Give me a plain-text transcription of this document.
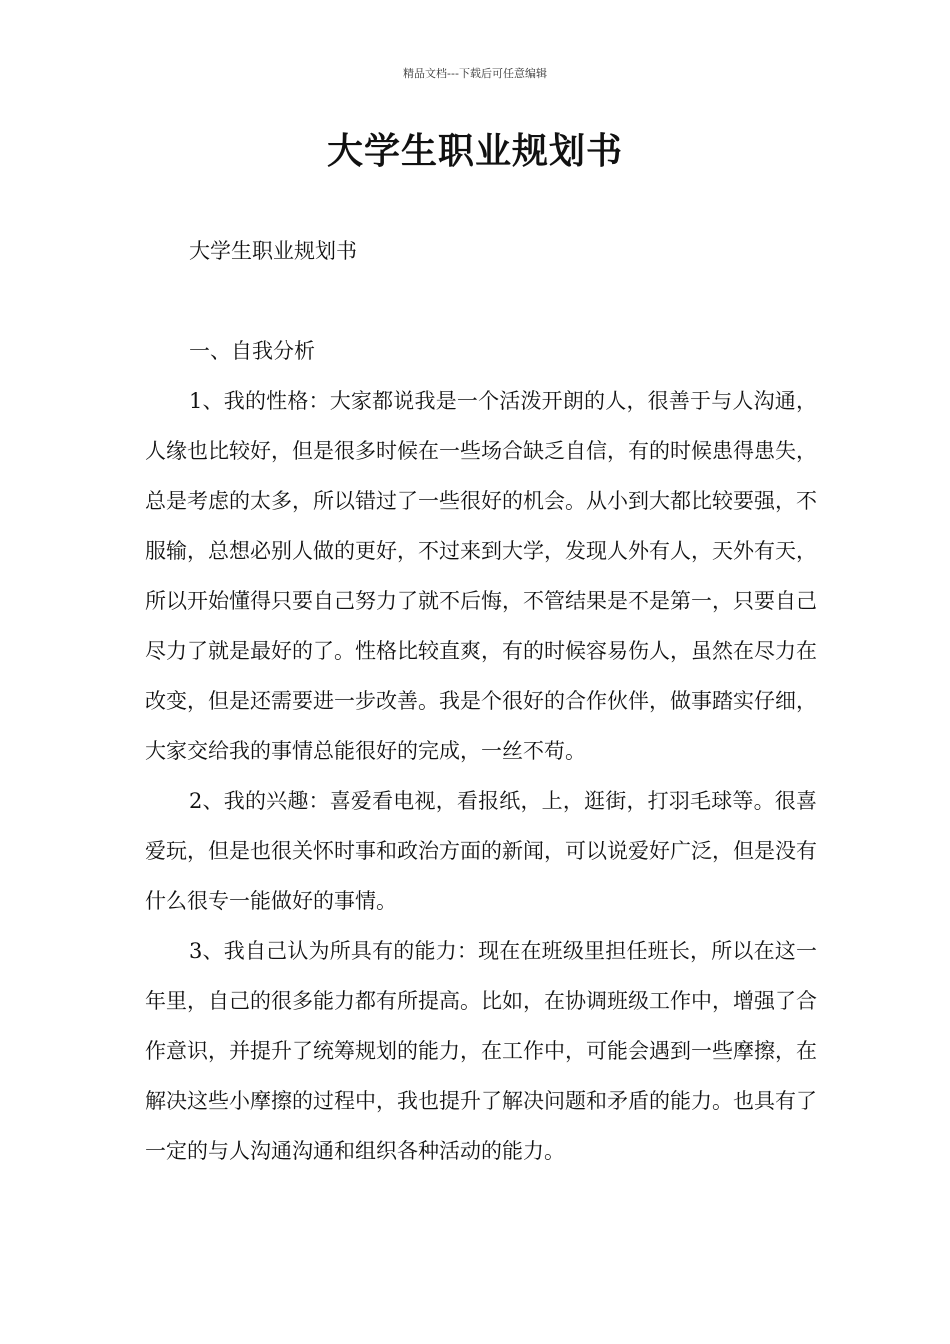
精品文档---下载后可任意编辑
大学生职业规划书

大学生职业规划书

一、自我分析

1、我的性格：大家都说我是一个活泼开朗的人，很善于与人沟通，人缘也比较好，但是很多时候在一些场合缺乏自信，有的时候患得患失，总是考虑的太多，所以错过了一些很好的机会。从小到大都比较要强，不服输，总想必别人做的更好，不过来到大学，发现人外有人，天外有天，所以开始懂得只要自己努力了就不后悔，不管结果是不是第一，只要自己尽力了就是最好的了。性格比较直爽，有的时候容易伤人，虽然在尽力在改变，但是还需要进一步改善。我是个很好的合作伙伴，做事踏实仔细，大家交给我的事情总能很好的完成，一丝不苟。

2、我的兴趣：喜爱看电视，看报纸，上，逛街，打羽毛球等。很喜爱玩，但是也很关怀时事和政治方面的新闻，可以说爱好广泛，但是没有什么很专一能做好的事情。

3、我自己认为所具有的能力：现在在班级里担任班长，所以在这一年里，自己的很多能力都有所提高。比如，在协调班级工作中，增强了合作意识，并提升了统筹规划的能力，在工作中，可能会遇到一些摩擦，在解决这些小摩擦的过程中，我也提升了解决问题和矛盾的能力。也具有了一定的与人沟通沟通和组织各种活动的能力。
